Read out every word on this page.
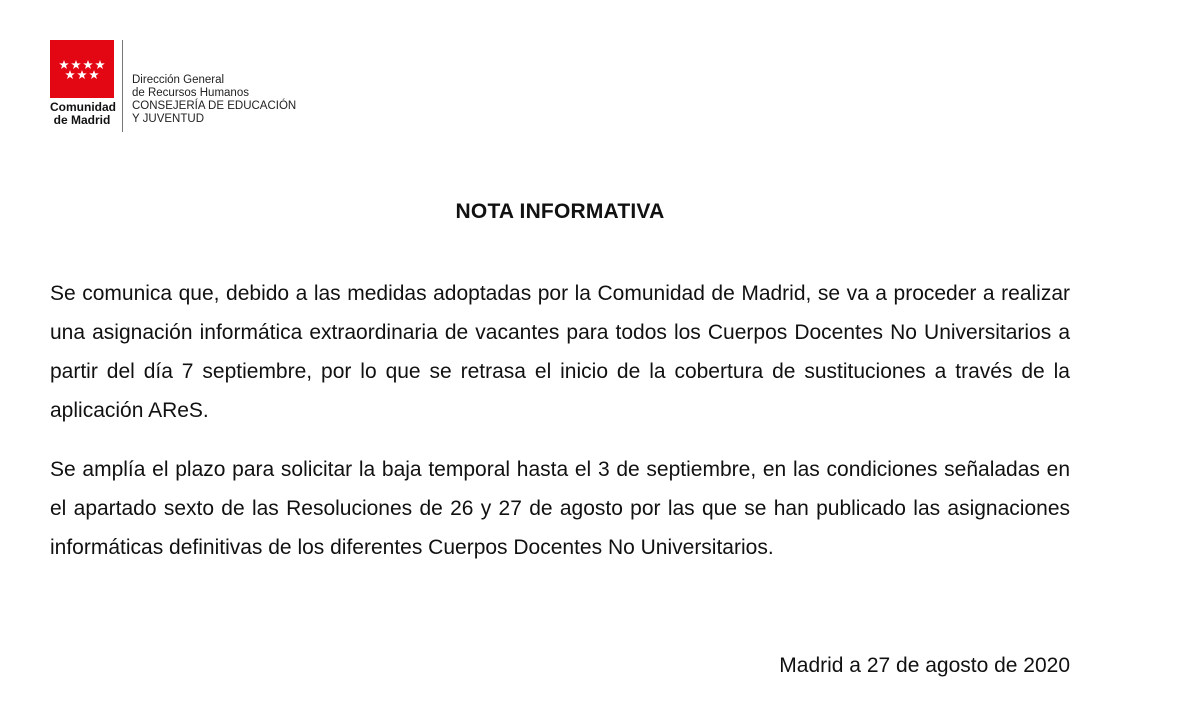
Comunidad
de Madrid
Dirección General
de Recursos Humanos
CONSEJERÍA DE EDUCACIÓN
Y JUVENTUD
NOTA INFORMATIVA
Se comunica que, debido a las medidas adoptadas por la Comunidad de Madrid, se va a proceder a realizar una asignación informática extraordinaria de vacantes para todos los Cuerpos Docentes No Universitarios a partir del día 7 septiembre, por lo que se retrasa el inicio de la cobertura de sustituciones a través de la aplicación AReS.
Se amplía el plazo para solicitar la baja temporal hasta el 3 de septiembre, en las condiciones señaladas en el apartado sexto de las Resoluciones de 26 y 27 de agosto por las que se han publicado las asignaciones informáticas definitivas de los diferentes Cuerpos Docentes No Universitarios.
Madrid a 27 de agosto de 2020
